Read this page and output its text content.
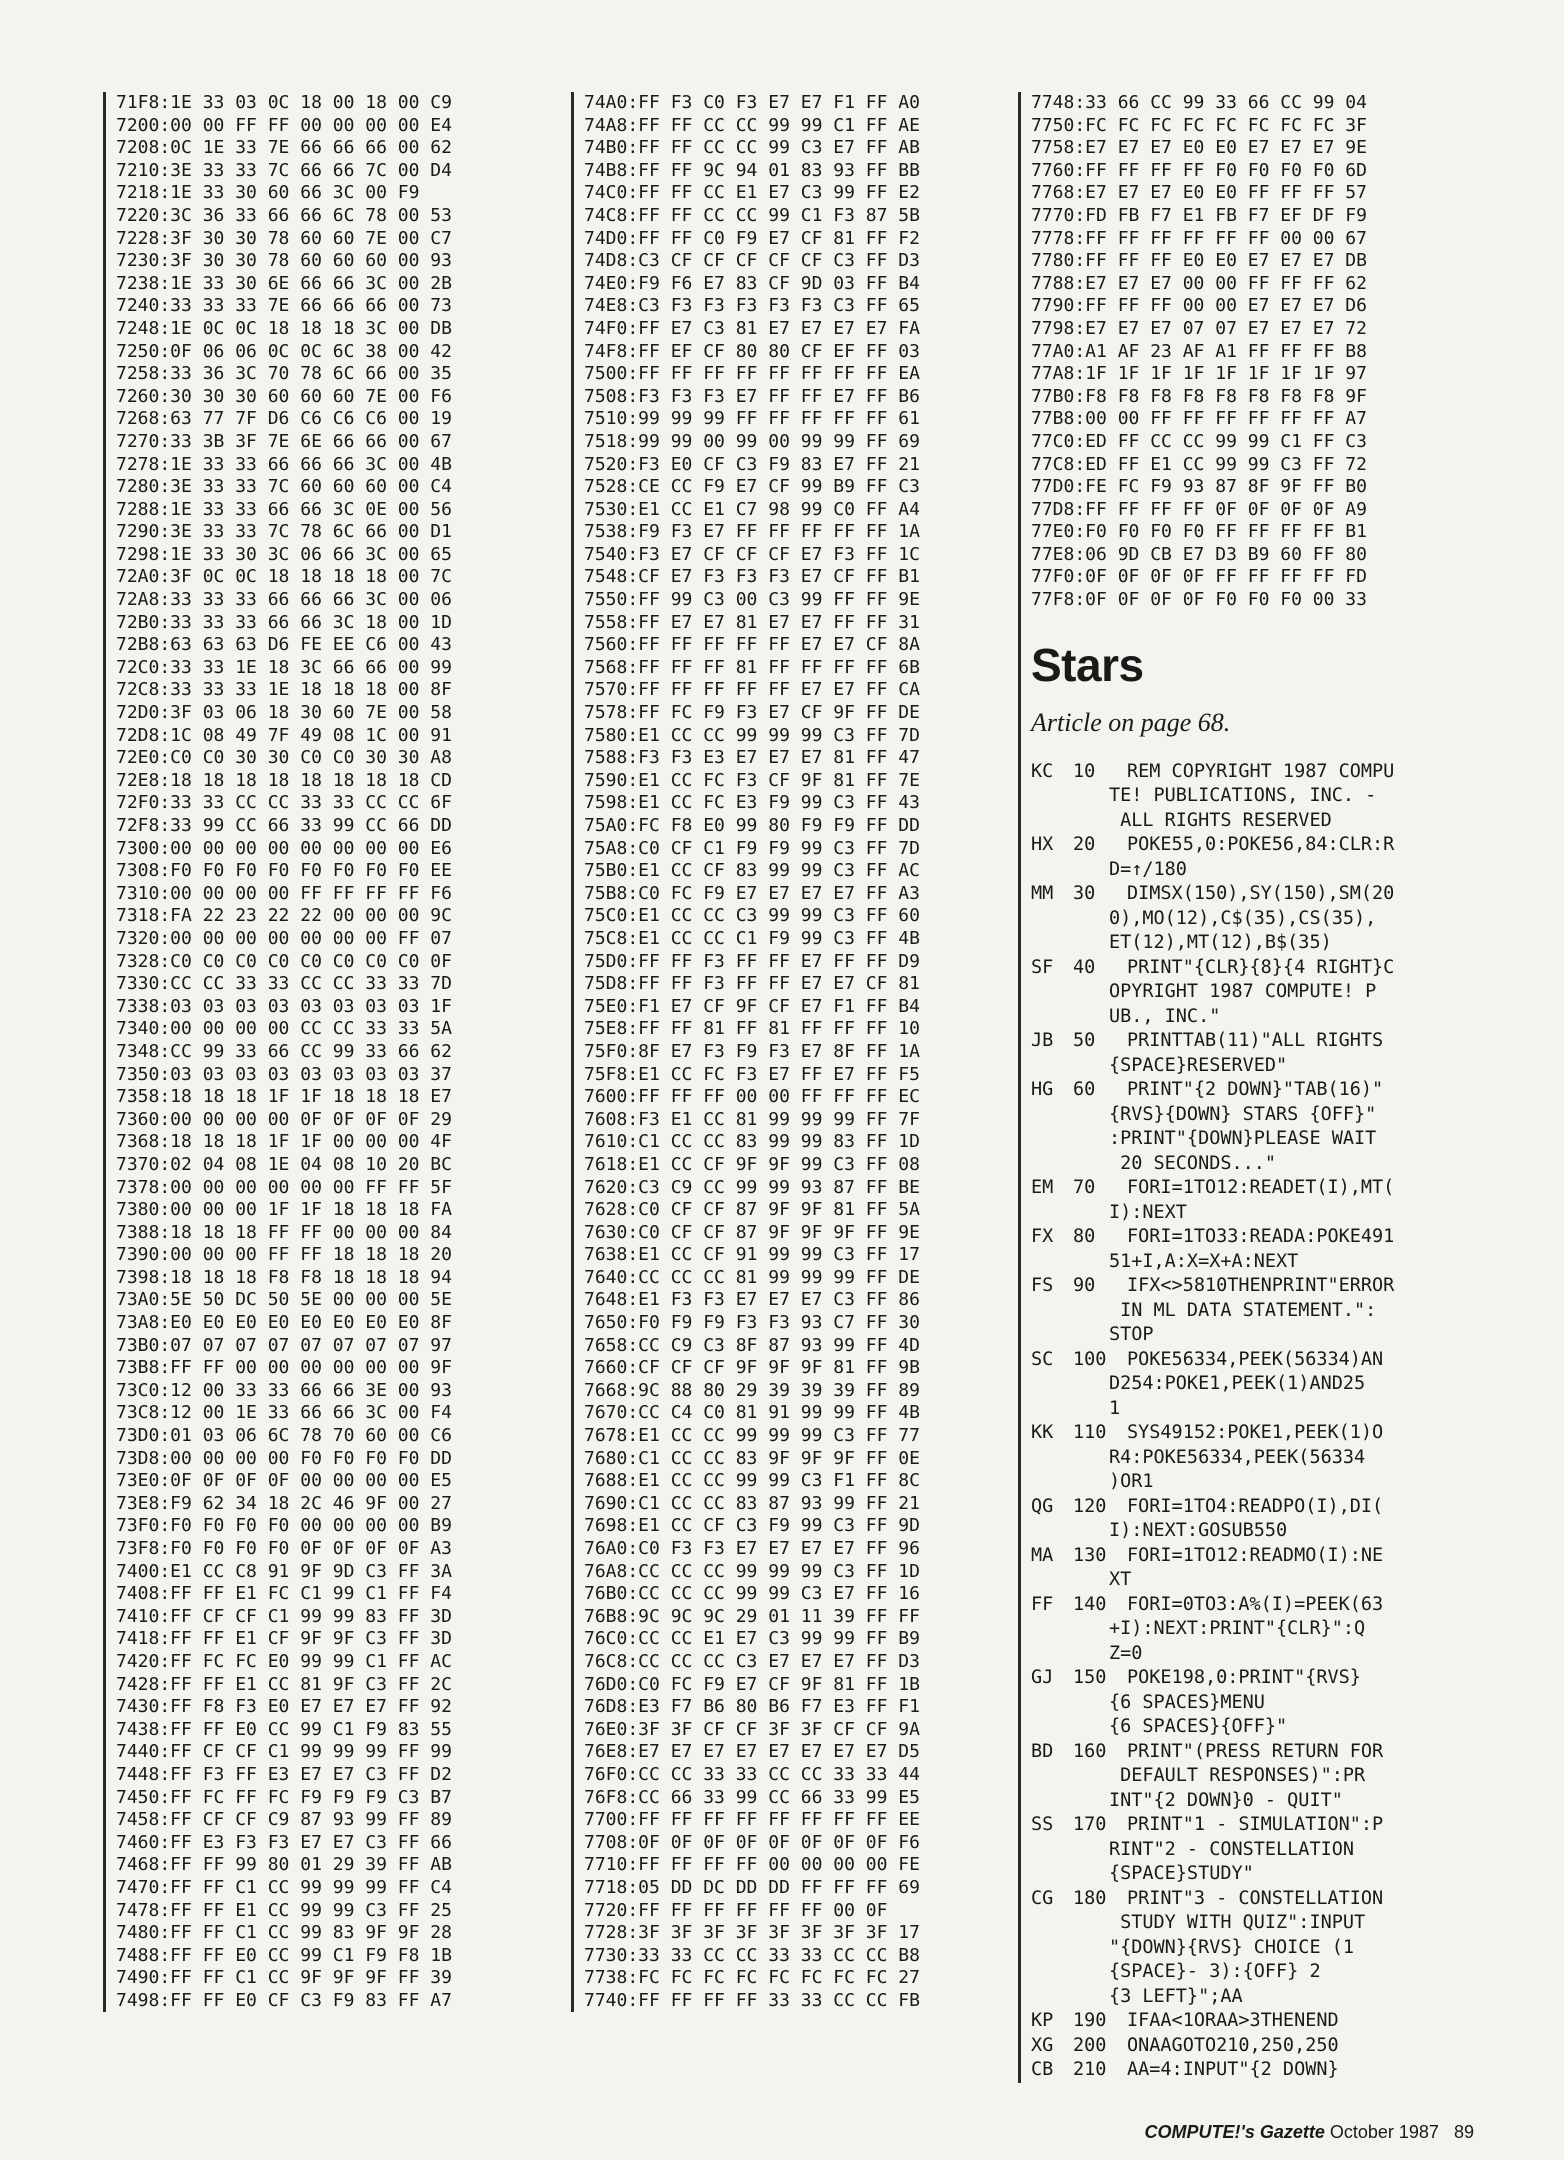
71F8:1E 33 03 0C 18 00 18 00 C9
7200:00 00 FF FF 00 00 00 00 E4
7208:0C 1E 33 7E 66 66 66 00 62
7210:3E 33 33 7C 66 66 7C 00 D4
7218:1E 33 30 60 66 3C 00 F9
7220:3C 36 33 66 66 6C 78 00 53
7228:3F 30 30 78 60 60 7E 00 C7
7230:3F 30 30 78 60 60 60 00 93
7238:1E 33 30 6E 66 66 3C 00 2B
7240:33 33 33 7E 66 66 66 00 73
7248:1E 0C 0C 18 18 18 3C 00 DB
7250:0F 06 06 0C 0C 6C 38 00 42
7258:33 36 3C 70 78 6C 66 00 35
7260:30 30 30 60 60 60 7E 00 F6
7268:63 77 7F D6 C6 C6 C6 00 19
7270:33 3B 3F 7E 6E 66 66 00 67
7278:1E 33 33 66 66 66 3C 00 4B
7280:3E 33 33 7C 60 60 60 00 C4
7288:1E 33 33 66 66 3C 0E 00 56
7290:3E 33 33 7C 78 6C 66 00 D1
7298:1E 33 30 3C 06 66 3C 00 65
72A0:3F 0C 0C 18 18 18 18 00 7C
72A8:33 33 33 66 66 66 3C 00 06
72B0:33 33 33 66 66 3C 18 00 1D
72B8:63 63 63 D6 FE EE C6 00 43
72C0:33 33 1E 18 3C 66 66 00 99
72C8:33 33 33 1E 18 18 18 00 8F
72D0:3F 03 06 18 30 60 7E 00 58
72D8:1C 08 49 7F 49 08 1C 00 91
72E0:C0 C0 30 30 C0 C0 30 30 A8
72E8:18 18 18 18 18 18 18 18 CD
72F0:33 33 CC CC 33 33 CC CC 6F
72F8:33 99 CC 66 33 99 CC 66 DD
7300:00 00 00 00 00 00 00 00 E6
7308:F0 F0 F0 F0 F0 F0 F0 F0 EE
7310:00 00 00 00 FF FF FF FF F6
7318:FA 22 23 22 22 00 00 00 9C
7320:00 00 00 00 00 00 00 FF 07
7328:C0 C0 C0 C0 C0 C0 C0 C0 0F
7330:CC CC 33 33 CC CC 33 33 7D
7338:03 03 03 03 03 03 03 03 1F
7340:00 00 00 00 CC CC 33 33 5A
7348:CC 99 33 66 CC 99 33 66 62
7350:03 03 03 03 03 03 03 03 37
7358:18 18 18 1F 1F 18 18 18 E7
7360:00 00 00 00 0F 0F 0F 0F 29
7368:18 18 18 1F 1F 00 00 00 4F
7370:02 04 08 1E 04 08 10 20 BC
7378:00 00 00 00 00 00 FF FF 5F
7380:00 00 00 1F 1F 18 18 18 FA
7388:18 18 18 FF FF 00 00 00 84
7390:00 00 00 FF FF 18 18 18 20
7398:18 18 18 F8 F8 18 18 18 94
73A0:5E 50 DC 50 5E 00 00 00 5E
73A8:E0 E0 E0 E0 E0 E0 E0 E0 8F
73B0:07 07 07 07 07 07 07 07 97
73B8:FF FF 00 00 00 00 00 00 9F
73C0:12 00 33 33 66 66 3E 00 93
73C8:12 00 1E 33 66 66 3C 00 F4
73D0:01 03 06 6C 78 70 60 00 C6
73D8:00 00 00 00 F0 F0 F0 F0 DD
73E0:0F 0F 0F 0F 00 00 00 00 E5
73E8:F9 62 34 18 2C 46 9F 00 27
73F0:F0 F0 F0 F0 00 00 00 00 B9
73F8:F0 F0 F0 F0 0F 0F 0F 0F A3
7400:E1 CC C8 91 9F 9D C3 FF 3A
7408:FF FF E1 FC C1 99 C1 FF F4
7410:FF CF CF C1 99 99 83 FF 3D
7418:FF FF E1 CF 9F 9F C3 FF 3D
7420:FF FC FC E0 99 99 C1 FF AC
7428:FF FF E1 CC 81 9F C3 FF 2C
7430:FF F8 F3 E0 E7 E7 E7 FF 92
7438:FF FF E0 CC 99 C1 F9 83 55
7440:FF CF CF C1 99 99 99 FF 99
7448:FF F3 FF E3 E7 E7 C3 FF D2
7450:FF FC FF FC F9 F9 F9 C3 B7
7458:FF CF CF C9 87 93 99 FF 89
7460:FF E3 F3 F3 E7 E7 C3 FF 66
7468:FF FF 99 80 01 29 39 FF AB
7470:FF FF C1 CC 99 99 99 FF C4
7478:FF FF E1 CC 99 99 C3 FF 25
7480:FF FF C1 CC 99 83 9F 9F 28
7488:FF FF E0 CC 99 C1 F9 F8 1B
7490:FF FF C1 CC 9F 9F 9F FF 39
7498:FF FF E0 CF C3 F9 83 FF A7
74A0:FF F3 C0 F3 E7 E7 F1 FF A0
74A8:FF FF CC CC 99 99 C1 FF AE
74B0:FF FF CC CC 99 C3 E7 FF AB
74B8:FF FF 9C 94 01 83 93 FF BB
74C0:FF FF CC E1 E7 C3 99 FF E2
74C8:FF FF CC CC 99 C1 F3 87 5B
74D0:FF FF C0 F9 E7 CF 81 FF F2
74D8:C3 CF CF CF CF CF C3 FF D3
74E0:F9 F6 E7 83 CF 9D 03 FF B4
74E8:C3 F3 F3 F3 F3 F3 C3 FF 65
74F0:FF E7 C3 81 E7 E7 E7 E7 FA
74F8:FF EF CF 80 80 CF EF FF 03
7500:FF FF FF FF FF FF FF FF EA
7508:F3 F3 F3 E7 FF FF E7 FF B6
7510:99 99 99 FF FF FF FF FF 61
7518:99 99 00 99 00 99 99 FF 69
7520:F3 E0 CF C3 F9 83 E7 FF 21
7528:CE CC F9 E7 CF 99 B9 FF C3
7530:E1 CC E1 C7 98 99 C0 FF A4
7538:F9 F3 E7 FF FF FF FF FF 1A
7540:F3 E7 CF CF CF E7 F3 FF 1C
7548:CF E7 F3 F3 F3 E7 CF FF B1
7550:FF 99 C3 00 C3 99 FF FF 9E
7558:FF E7 E7 81 E7 E7 FF FF 31
7560:FF FF FF FF FF E7 E7 CF 8A
7568:FF FF FF 81 FF FF FF FF 6B
7570:FF FF FF FF FF E7 E7 FF CA
7578:FF FC F9 F3 E7 CF 9F FF DE
7580:E1 CC CC 99 99 99 C3 FF 7D
7588:F3 F3 E3 E7 E7 E7 81 FF 47
7590:E1 CC FC F3 CF 9F 81 FF 7E
7598:E1 CC FC E3 F9 99 C3 FF 43
75A0:FC F8 E0 99 80 F9 F9 FF DD
75A8:C0 CF C1 F9 F9 99 C3 FF 7D
75B0:E1 CC CF 83 99 99 C3 FF AC
75B8:C0 FC F9 E7 E7 E7 E7 FF A3
75C0:E1 CC CC C3 99 99 C3 FF 60
75C8:E1 CC CC C1 F9 99 C3 FF 4B
75D0:FF FF F3 FF FF E7 FF FF D9
75D8:FF FF F3 FF FF E7 E7 CF 81
75E0:F1 E7 CF 9F CF E7 F1 FF B4
75E8:FF FF 81 FF 81 FF FF FF 10
75F0:8F E7 F3 F9 F3 E7 8F FF 1A
75F8:E1 CC FC F3 E7 FF E7 FF F5
7600:FF FF FF 00 00 FF FF FF EC
7608:F3 E1 CC 81 99 99 99 FF 7F
7610:C1 CC CC 83 99 99 83 FF 1D
7618:E1 CC CF 9F 9F 99 C3 FF 08
7620:C3 C9 CC 99 99 93 87 FF BE
7628:C0 CF CF 87 9F 9F 81 FF 5A
7630:C0 CF CF 87 9F 9F 9F FF 9E
7638:E1 CC CF 91 99 99 C3 FF 17
7640:CC CC CC 81 99 99 99 FF DE
7648:E1 F3 F3 E7 E7 E7 C3 FF 86
7650:F0 F9 F9 F3 F3 93 C7 FF 30
7658:CC C9 C3 8F 87 93 99 FF 4D
7660:CF CF CF 9F 9F 9F 81 FF 9B
7668:9C 88 80 29 39 39 39 FF 89
7670:CC C4 C0 81 91 99 99 FF 4B
7678:E1 CC CC 99 99 99 C3 FF 77
7680:C1 CC CC 83 9F 9F 9F FF 0E
7688:E1 CC CC 99 99 C3 F1 FF 8C
7690:C1 CC CC 83 87 93 99 FF 21
7698:E1 CC CF C3 F9 99 C3 FF 9D
76A0:C0 F3 F3 E7 E7 E7 E7 FF 96
76A8:CC CC CC 99 99 99 C3 FF 1D
76B0:CC CC CC 99 99 C3 E7 FF 16
76B8:9C 9C 9C 29 01 11 39 FF FF
76C0:CC CC E1 E7 C3 99 99 FF B9
76C8:CC CC CC C3 E7 E7 E7 FF D3
76D0:C0 FC F9 E7 CF 9F 81 FF 1B
76D8:E3 F7 B6 80 B6 F7 E3 FF F1
76E0:3F 3F CF CF 3F 3F CF CF 9A
76E8:E7 E7 E7 E7 E7 E7 E7 E7 D5
76F0:CC CC 33 33 CC CC 33 33 44
76F8:CC 66 33 99 CC 66 33 99 E5
7700:FF FF FF FF FF FF FF FF EE
7708:0F 0F 0F 0F 0F 0F 0F 0F F6
7710:FF FF FF FF 00 00 00 00 FE
7718:05 DD DC DD DD FF FF FF 69
7720:FF FF FF FF FF FF 00 0F
7728:3F 3F 3F 3F 3F 3F 3F 3F 17
7730:33 33 CC CC 33 33 CC CC B8
7738:FC FC FC FC FC FC FC FC 27
7740:FF FF FF FF 33 33 CC CC FB
7748:33 66 CC 99 33 66 CC 99 04
7750:FC FC FC FC FC FC FC FC 3F
7758:E7 E7 E7 E0 E0 E7 E7 E7 9E
7760:FF FF FF FF F0 F0 F0 F0 6D
7768:E7 E7 E7 E0 E0 FF FF FF 57
7770:FD FB F7 E1 FB F7 EF DF F9
7778:FF FF FF FF FF FF 00 00 67
7780:FF FF FF E0 E0 E7 E7 E7 DB
7788:E7 E7 E7 00 00 FF FF FF 62
7790:FF FF FF 00 00 E7 E7 E7 D6
7798:E7 E7 E7 07 07 E7 E7 E7 72
77A0:A1 AF 23 AF A1 FF FF FF B8
77A8:1F 1F 1F 1F 1F 1F 1F 1F 97
77B0:F8 F8 F8 F8 F8 F8 F8 F8 9F
77B8:00 00 FF FF FF FF FF FF A7
77C0:ED FF CC CC 99 99 C1 FF C3
77C8:ED FF E1 CC 99 99 C3 FF 72
77D0:FE FC F9 93 87 8F 9F FF B0
77D8:FF FF FF FF 0F 0F 0F 0F A9
77E0:F0 F0 F0 F0 FF FF FF FF B1
77E8:06 9D CB E7 D3 B9 60 FF 80
77F0:0F 0F 0F 0F FF FF FF FF FD
77F8:0F 0F 0F 0F F0 F0 F0 00 33
Stars
Article on page 68.
KC 10 REM COPYRIGHT 1987 COMPU
TE! PUBLICATIONS, INC. -
ALL RIGHTS RESERVED
HX 20 POKE55,0:POKE56,84:CLR:R
D=↑/180
MM 30 DIMSX(150),SY(150),SM(20
0),MO(12),C$(35),CS(35),
ET(12),MT(12),B$(35)
SF 40 PRINT"{CLR}{8}{4 RIGHT}C
OPYRIGHT 1987 COMPUTE! P
UB., INC."
JB 50 PRINTTAB(11)"ALL RIGHTS
{SPACE}RESERVED"
HG 60 PRINT"{2 DOWN}"TAB(16)"
{RVS}{DOWN} STARS {OFF}"
:PRINT"{DOWN}PLEASE WAIT
20 SECONDS..."
EM 70 FORI=1TO12:READET(I),MT(
I):NEXT
FX 80 FORI=1TO33:READA:POKE491
51+I,A:X=X+A:NEXT
FS 90 IFX<>5810THENPRINT"ERROR
IN ML DATA STATEMENT.":
STOP
SC 100 POKE56334,PEEK(56334)AN
D254:POKE1,PEEK(1)AND25
1
KK 110 SYS49152:POKE1,PEEK(1)O
R4:POKE56334,PEEK(56334
)OR1
QG 120 FORI=1TO4:READPO(I),DI(
I):NEXT:GOSUB550
MA 130 FORI=1TO12:READMO(I):NE
XT
FF 140 FORI=0TO3:A%(I)=PEEK(63
+I):NEXT:PRINT"{CLR}":Q
Z=0
GJ 150 POKE198,0:PRINT"{RVS}
{6 SPACES}MENU
{6 SPACES}{OFF}"
BD 160 PRINT"(PRESS RETURN FOR
DEFAULT RESPONSES)":PR
INT"{2 DOWN}0 - QUIT"
SS 170 PRINT"1 - SIMULATION":P
RINT"2 - CONSTELLATION
{SPACE}STUDY"
CG 180 PRINT"3 - CONSTELLATION
STUDY WITH QUIZ":INPUT
"{DOWN}{RVS} CHOICE (1
{SPACE}- 3):{OFF} 2
{3 LEFT}";AA
KP 190 IFAA<1ORAA>3THENEND
XG 200 ONAAGOTO210,250,250
CB 210 AA=4:INPUT"{2 DOWN}
COMPUTE!'s Gazette October 1987 89
